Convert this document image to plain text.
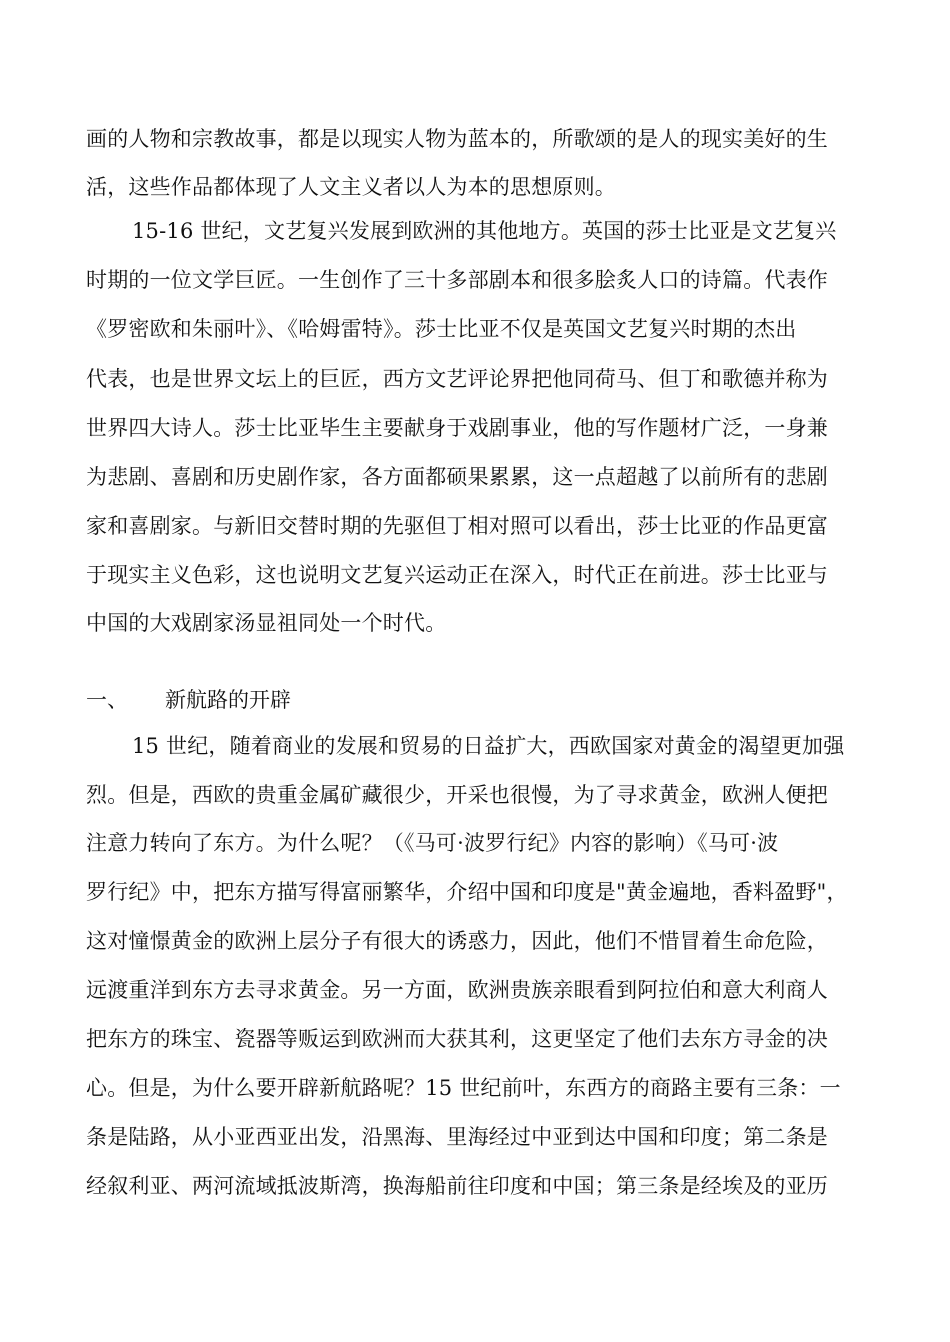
画的人物和宗教故事，都是以现实人物为蓝本的，所歌颂的是人的现实美好的生
活，这些作品都体现了人文主义者以人为本的思想原则。
15-16 世纪，文艺复兴发展到欧洲的其他地方。英国的莎士比亚是文艺复兴
时期的一位文学巨匠。一生创作了三十多部剧本和很多脍炙人口的诗篇。代表作
《罗密欧和朱丽叶》、《哈姆雷特》。莎士比亚不仅是英国文艺复兴时期的杰出
代表，也是世界文坛上的巨匠，西方文艺评论界把他同荷马、但丁和歌德并称为
世界四大诗人。莎士比亚毕生主要献身于戏剧事业，他的写作题材广泛，一身兼
为悲剧、喜剧和历史剧作家，各方面都硕果累累，这一点超越了以前所有的悲剧
家和喜剧家。与新旧交替时期的先驱但丁相对照可以看出，莎士比亚的作品更富
于现实主义色彩，这也说明文艺复兴运动正在深入，时代正在前进。莎士比亚与
中国的大戏剧家汤显祖同处一个时代。
一、 新航路的开辟
15 世纪，随着商业的发展和贸易的日益扩大，西欧国家对黄金的渴望更加强
烈。但是，西欧的贵重金属矿藏很少，开采也很慢，为了寻求黄金，欧洲人便把
注意力转向了东方。为什么呢？（《马可·波罗行纪》内容的影响）《马可·波
罗行纪》中，把东方描写得富丽繁华，介绍中国和印度是"黄金遍地，香料盈野"，
这对憧憬黄金的欧洲上层分子有很大的诱惑力，因此，他们不惜冒着生命危险，
远渡重洋到东方去寻求黄金。另一方面，欧洲贵族亲眼看到阿拉伯和意大利商人
把东方的珠宝、瓷器等贩运到欧洲而大获其利，这更坚定了他们去东方寻金的决
心。但是，为什么要开辟新航路呢？15 世纪前叶，东西方的商路主要有三条：一
条是陆路，从小亚西亚出发，沿黑海、里海经过中亚到达中国和印度；第二条是
经叙利亚、两河流域抵波斯湾，换海船前往印度和中国；第三条是经埃及的亚历
